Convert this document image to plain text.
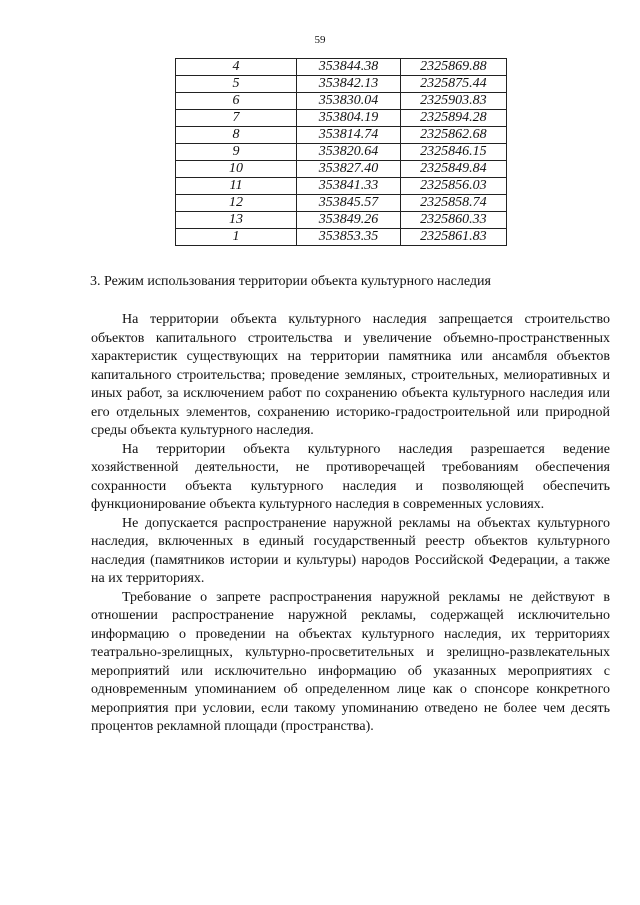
59
4	353844.38	2325869.88
5	353842.13	2325875.44
6	353830.04	2325903.83
7	353804.19	2325894.28
8	353814.74	2325862.68
9	353820.64	2325846.15
10	353827.40	2325849.84
11	353841.33	2325856.03
12	353845.57	2325858.74
13	353849.26	2325860.33
1	353853.35	2325861.83
3. Режим использования территории объекта культурного наследия

На территории объекта культурного наследия запрещается строительство объектов капитального строительства и увеличение объемно-пространственных характеристик существующих на территории памятника или ансамбля объектов капитального строительства; проведение земляных, строительных, мелиоративных и иных работ, за исключением работ по сохранению объекта культурного наследия или его отдельных элементов, сохранению историко-градостроительной или природной среды объекта культурного наследия.

На территории объекта культурного наследия разрешается ведение хозяйственной деятельности, не противоречащей требованиям обеспечения сохранности объекта культурного наследия и позволяющей обеспечить функционирование объекта культурного наследия в современных условиях.

Не допускается распространение наружной рекламы на объектах культурного наследия, включенных в единый государственный реестр объектов культурного наследия (памятников истории и культуры) народов Российской Федерации, а также на их территориях.

Требование о запрете распространения наружной рекламы не действуют в отношении распространение наружной рекламы, содержащей исключительно информацию о проведении на объектах культурного наследия, их территориях театрально-зрелищных, культурно-просветительных и зрелищно-развлекательных мероприятий или исключительно информацию об указанных мероприятиях с одновременным упоминанием об определенном лице как о спонсоре конкретного мероприятия при условии, если такому упоминанию отведено не более чем десять процентов рекламной площади (пространства).
